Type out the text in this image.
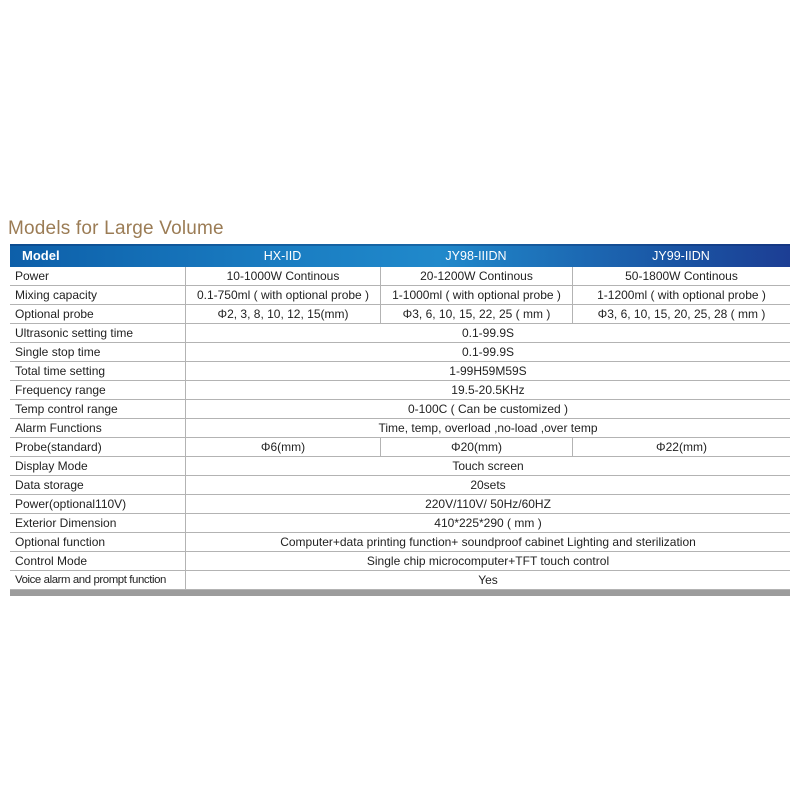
Models for Large Volume
Model	HX-IID	JY98-IIIDN	JY99-IIDN
Power	10-1000W Continous	20-1200W Continous	50-1800W Continous
Mixing capacity	0.1-750ml ( with optional probe )	1-1000ml ( with optional probe )	1-1200ml ( with optional probe )
Optional probe	Φ2, 3, 8, 10, 12, 15(mm)	Φ3, 6, 10, 15, 22, 25 ( mm )	Φ3, 6, 10, 15, 20, 25, 28 ( mm )
Ultrasonic setting time	0.1-99.9S
Single stop time	0.1-99.9S
Total time setting	1-99H59M59S
Frequency range	19.5-20.5KHz
Temp control range	0-100C ( Can be customized )
Alarm Functions	Time, temp, overload ,no-load ,over temp
Probe(standard)	Φ6(mm)	Φ20(mm)	Φ22(mm)
Display Mode	Touch screen
Data storage	20sets
Power(optional110V)	220V/110V/ 50Hz/60HZ
Exterior Dimension	410*225*290 ( mm )
Optional function	Computer+data printing function+ soundproof cabinet Lighting and sterilization
Control Mode	Single chip microcomputer+TFT touch control
Voice alarm and prompt function	Yes
